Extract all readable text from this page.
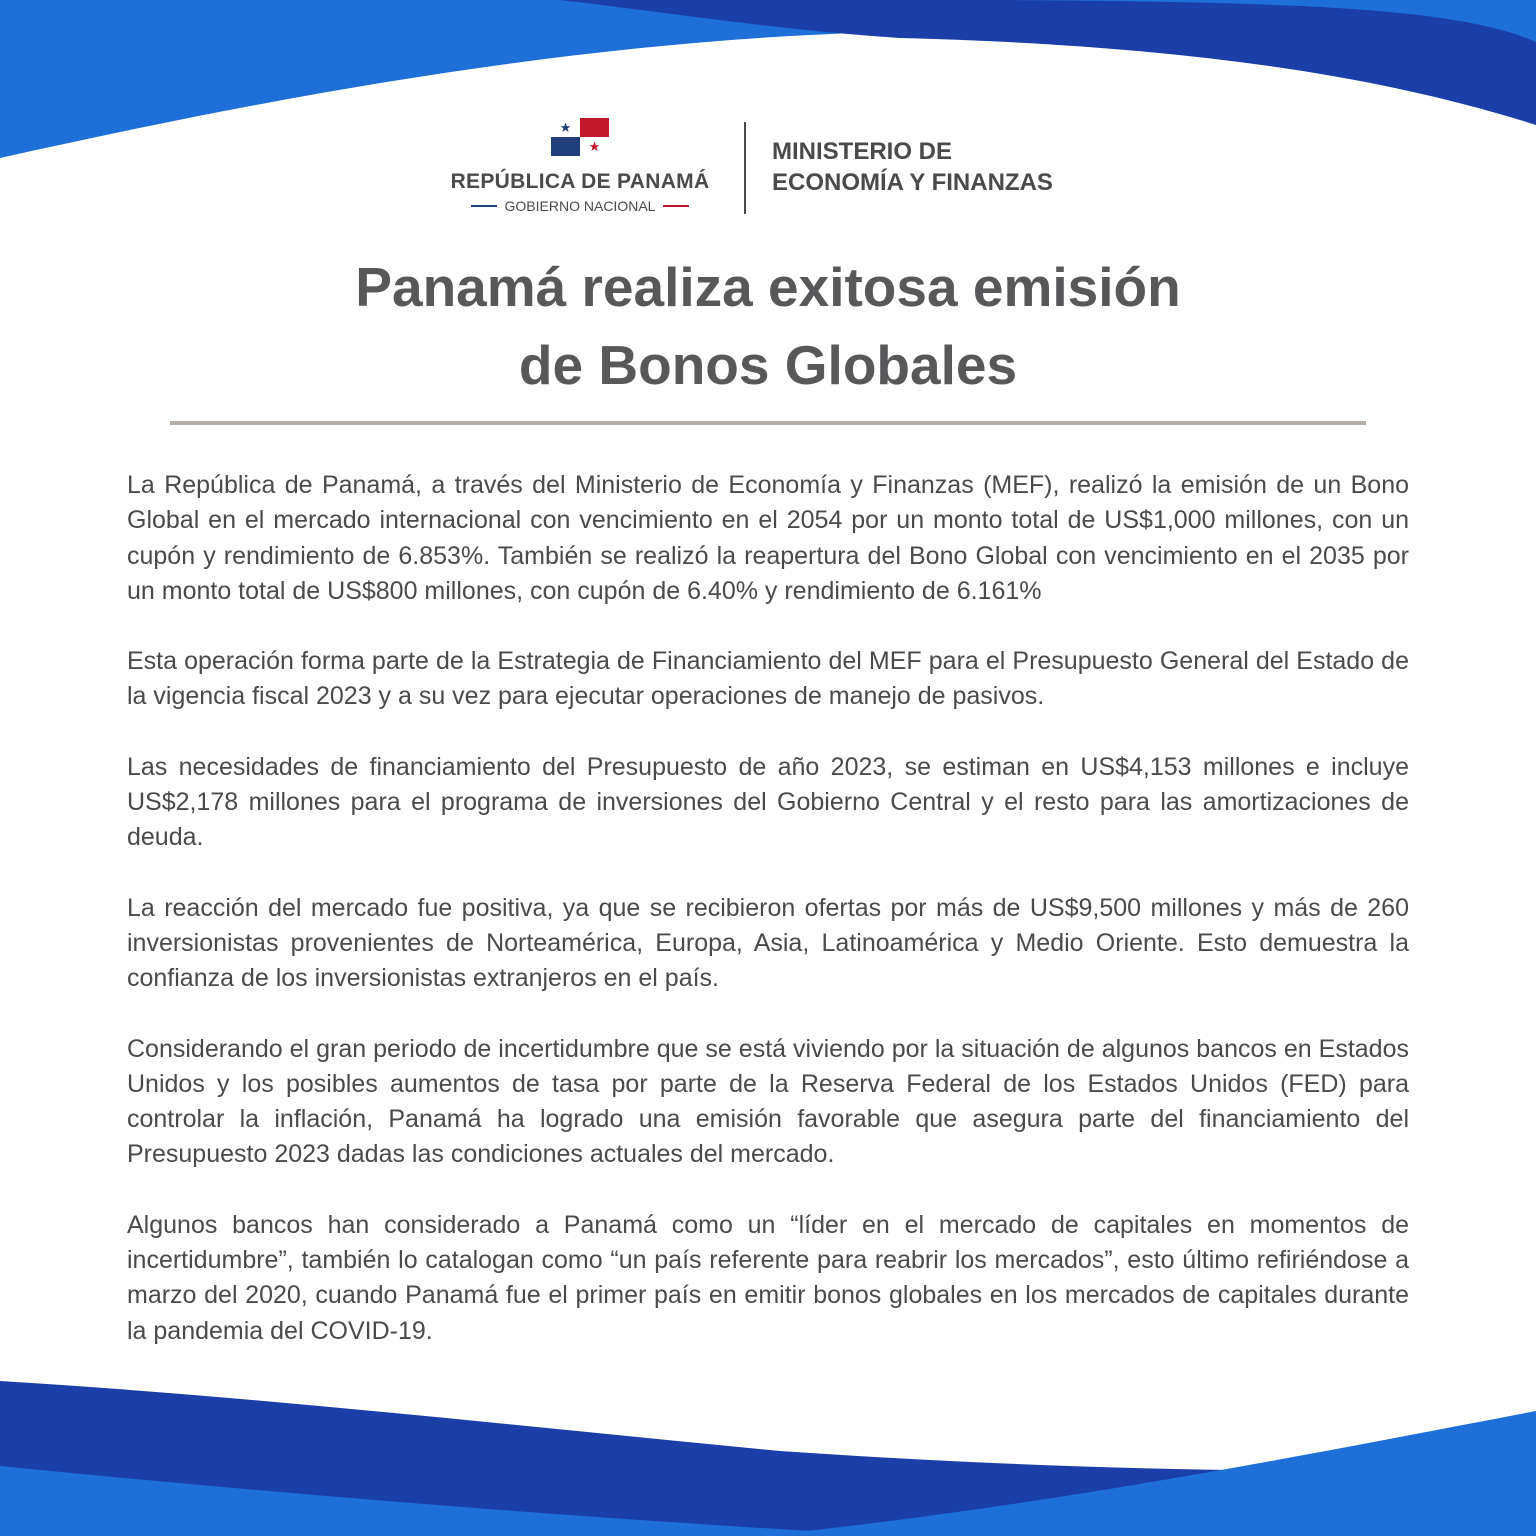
REPÚBLICA DE PANAMÁ
GOBIERNO NACIONAL
MINISTERIO DE
ECONOMÍA Y FINANZAS
Panamá realiza exitosa emisión
de Bonos Globales

La República de Panamá, a través del Ministerio de Economía y Finanzas (MEF), realizó la emisión de un Bono Global en el mercado internacional con vencimiento en el 2054 por un monto total de US$1,000 millones, con un cupón y rendimiento de 6.853%. También se realizó la reapertura del Bono Global con vencimiento en el 2035 por un monto total de US$800 millones, con cupón de 6.40% y rendimiento de 6.161%

Esta operación forma parte de la Estrategia de Financiamiento del MEF para el Presupuesto General del Estado de la vigencia fiscal 2023 y a su vez para ejecutar operaciones de manejo de pasivos.

Las necesidades de financiamiento del Presupuesto de año 2023, se estiman en US$4,153 millones e incluye US$2,178 millones para el programa de inversiones del Gobierno Central y el resto para las amortizaciones de deuda.

La reacción del mercado fue positiva, ya que se recibieron ofertas por más de US$9,500 millones y más de 260 inversionistas provenientes de Norteamérica, Europa, Asia, Latinoamérica y Medio Oriente. Esto demuestra la confianza de los inversionistas extranjeros en el país.

Considerando el gran periodo de incertidumbre que se está viviendo por la situación de algunos bancos en Estados Unidos y los posibles aumentos de tasa por parte de la Reserva Federal de los Estados Unidos (FED) para controlar la inflación, Panamá ha logrado una emisión favorable que asegura parte del financiamiento del Presupuesto 2023 dadas las condiciones actuales del mercado.

Algunos bancos han considerado a Panamá como un “líder en el mercado de capitales en momentos de incertidumbre”, también lo catalogan como “un país referente para reabrir los mercados”, esto último refiriéndose a marzo del 2020, cuando Panamá fue el primer país en emitir bonos globales en los mercados de capitales durante la pandemia del COVID-19.
